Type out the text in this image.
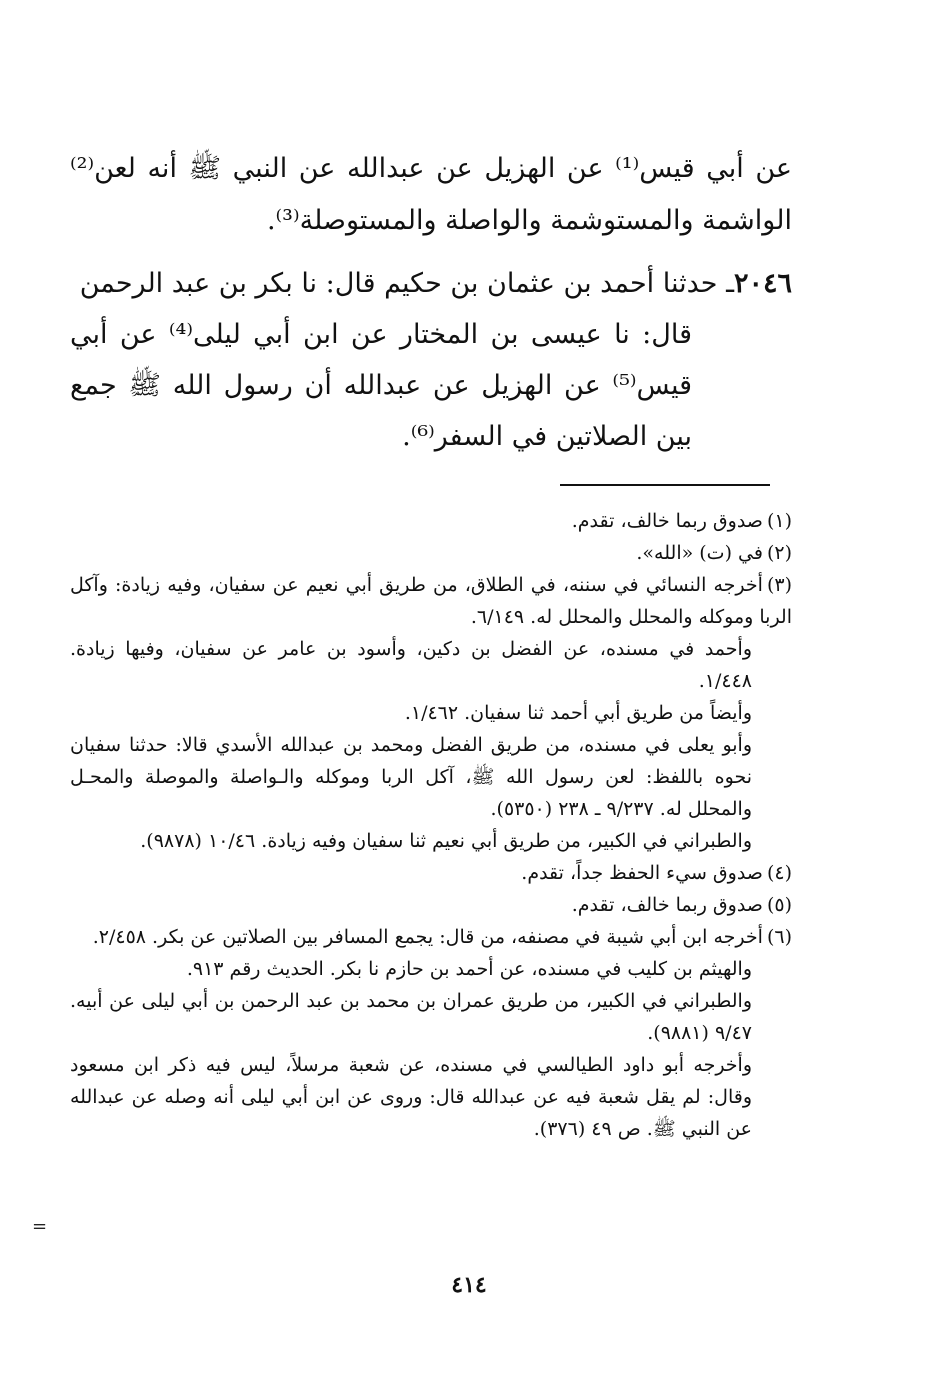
عن أبي قيس⁽¹⁾ عن الهزيل عن عبدالله عن النبي ﷺ أنه لعن⁽²⁾ الواشمة والمستوشمة والواصلة والمستوصلة⁽³⁾.

٢٠٤٦ـ حدثنا أحمد بن عثمان بن حكيم قال: نا بكر بن عبد الرحمن
قال: نا عيسى بن المختار عن ابن أبي ليلى⁽⁴⁾ عن أبي قيس⁽⁵⁾ عن الهزيل عن عبدالله أن رسول الله ﷺ جمع بين الصلاتين في السفر⁽⁶⁾.

(١)صدوق ربما خالف، تقدم.

(٢)في (ت) «الله».

(٣)أخرجه النسائي في سننه، في الطلاق، من طريق أبي نعيم عن سفيان، وفيه زيادة: وآكل الربا وموكله والمحلل والمحلل له. ٦/١٤٩.

وأحمد في مسنده، عن الفضل بن دكين، وأسود بن عامر عن سفيان، وفيها زيادة. ١/٤٤٨.

وأيضاً من طريق أبي أحمد ثنا سفيان. ١/٤٦٢.

وأبو يعلى في مسنده، من طريق الفضل ومحمد بن عبدالله الأسدي قالا: حدثنا سفيان نحوه باللفظ: لعن رسول الله ﷺ، آكل الربا وموكله والـواصلة والموصلة والمحـل والمحلل له. ٩/٢٣٧ ـ ٢٣٨ (٥٣٥٠).

والطبراني في الكبير، من طريق أبي نعيم ثنا سفيان وفيه زيادة. ١٠/٤٦ (٩٨٧٨).

(٤)صدوق سيء الحفظ جداً، تقدم.

(٥)صدوق ربما خالف، تقدم.

(٦)أخرجه ابن أبي شيبة في مصنفه، من قال: يجمع المسافر بين الصلاتين عن بكر. ٢/٤٥٨.

والهيثم بن كليب في مسنده، عن أحمد بن حازم نا بكر. الحديث رقم ٩١٣.

والطبراني في الكبير، من طريق عمران بن محمد بن عبد الرحمن بن أبي ليلى عن أبيه. ٩/٤٧ (٩٨٨١).

وأخرجه أبو داود الطيالسي في مسنده، عن شعبة مرسلاً، ليس فيه ذكر ابن مسعود وقال: لم يقل شعبة فيه عن عبدالله قال: وروى عن ابن أبي ليلى أنه وصله عن عبدالله عن النبي ﷺ. ص ٤٩ (٣٧٦).

=
٤١٤
